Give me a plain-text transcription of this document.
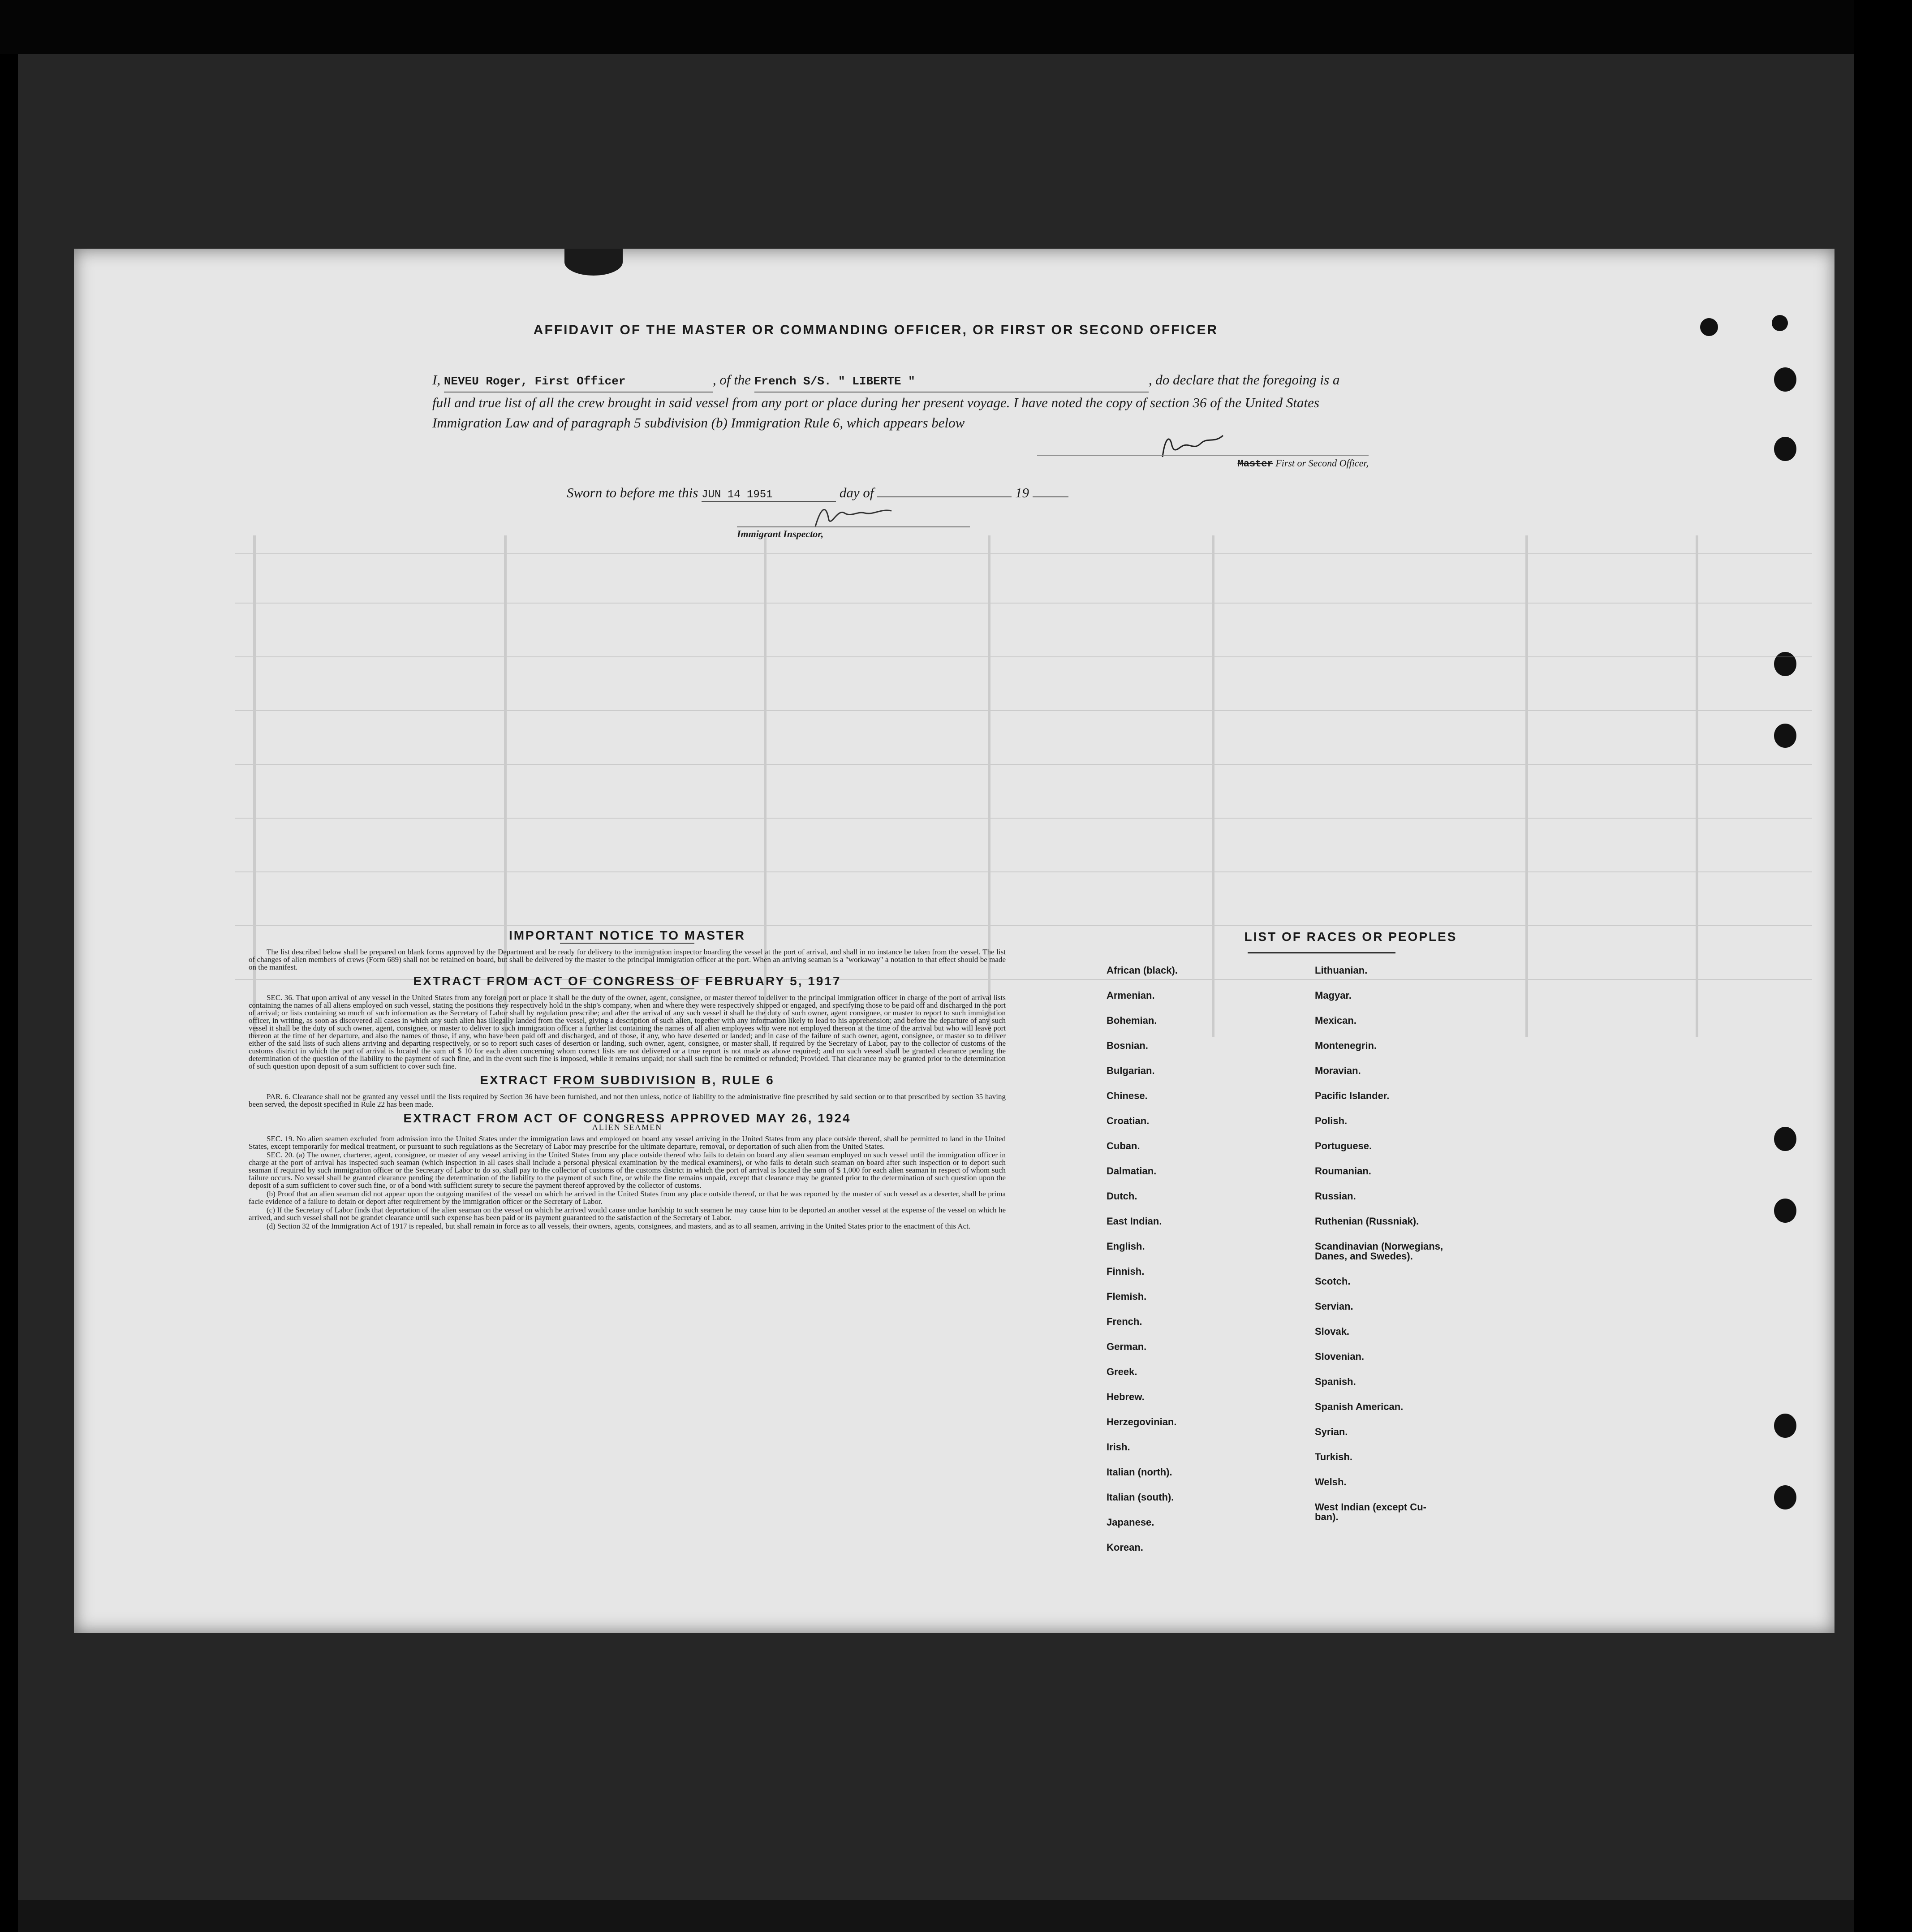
AFFIDAVIT OF THE MASTER OR COMMANDING OFFICER, OR FIRST OR SECOND OFFICER
I, NEVEU Roger, First Officer	, of the French S/S. " LIBERTE "	, do declare that the foregoing is a full and true list of all the crew brought in said vessel from any port or place during her present voyage. I have noted the copy of section 36 of the United States Immigration Law and of paragraph 5 subdivision (b) Immigration Rule 6, which appears below
Master First or Second Officer,
Sworn to before me this JUN 14 1951	day of	19
Immigrant Inspector,
IMPORTANT NOTICE TO MASTER

The list described below shall be prepared on blank forms approved by the Department and be ready for delivery to the immigration inspector boarding the vessel at the port of arrival, and shall in no instance be taken from the vessel. The list of changes of alien members of crews (Form 689) shall not be retained on board, but shall be delivered by the master to the principal immigration officer at the port. When an arriving seaman is a "workaway" a notation to that effect should be made on the manifest.

EXTRACT FROM ACT OF CONGRESS OF FEBRUARY 5, 1917

SEC. 36. That upon arrival of any vessel in the United States from any foreign port or place it shall be the duty of the owner, agent, consignee, or master thereof to deliver to the principal immigration officer in charge of the port of arrival lists containing the names of all aliens employed on such vessel, stating the positions they respectively hold in the ship's company, when and where they were respectively shipped or engaged, and specifying those to be paid off and discharged in the port of arrival; or lists containing so much of such information as the Secretary of Labor shall by regulation prescribe; and after the arrival of any such vessel it shall be the duty of such owner, agent consignee, or master to report to such immigration officer, in writing, as soon as discovered all cases in which any such alien has illegally landed from the vessel, giving a description of such alien, together with any information likely to lead to his apprehension; and before the departure of any such vessel it shall be the duty of such owner, agent, consignee, or master to deliver to such immigration officer a further list containing the names of all alien employees who were not employed thereon at the time of the arrival but who will leave port thereon at the time of her departure, and also the names of those, if any, who have been paid off and discharged, and of those, if any, who have deserted or landed; and in case of the failure of such owner, agent, consignee, or master so to deliver either of the said lists of such aliens arriving and departing respectively, or so to report such cases of desertion or landing, such owner, agent, consignee, or master shall, if required by the Secretary of Labor, pay to the collector of customs of the customs district in which the port of arrival is located the sum of $ 10 for each alien concerning whom correct lists are not delivered or a true report is not made as above required; and no such vessel shall be granted clearance pending the determination of the question of the liability to the payment of such fine, and in the event such fine is imposed, while it remains unpaid; nor shall such fine be remitted or refunded; Provided. That clearance may be granted prior to the determination of such question upon deposit of a sum sufficient to cover such fine.

EXTRACT FROM SUBDIVISION B, RULE 6

PAR. 6. Clearance shall not be granted any vessel until the lists required by Section 36 have been furnished, and not then unless, notice of liability to the administrative fine prescribed by said section or to that prescribed by section 35 having been served, the deposit specified in Rule 22 has been made.

EXTRACT FROM ACT OF CONGRESS APPROVED MAY 26, 1924
ALIEN SEAMEN

SEC. 19. No alien seamen excluded from admission into the United States under the immigration laws and employed on board any vessel arriving in the United States from any place outside thereof, shall be permitted to land in the United States, except temporarily for medical treatment, or pursuant to such regulations as the Secretary of Labor may prescribe for the ultimate departure, removal, or deportation of such alien from the United States.

SEC. 20. (a) The owner, charterer, agent, consignee, or master of any vessel arriving in the United States from any place outside thereof who fails to detain on board any alien seaman employed on such vessel until the immigration officer in charge at the port of arrival has inspected such seaman (which inspection in all cases shall include a personal physical examination by the medical examiners), or who fails to detain such seaman on board after such inspection or to deport such seaman if required by such immigration officer or the Secretary of Labor to do so, shall pay to the collector of customs of the customs district in which the port of arrival is located the sum of $ 1,000 for each alien seaman in respect of whom such failure occurs. No vessel shall be granted clearance pending the determination of the liability to the payment of such fine, or while the fine remains unpaid, except that clearance may be granted prior to the determination of such question upon the deposit of a sum sufficient to cover such fine, or of a bond with sufficient surety to secure the payment thereof approved by the collector of customs.

(b) Proof that an alien seaman did not appear upon the outgoing manifest of the vessel on which he arrived in the United States from any place outside thereof, or that he was reported by the master of such vessel as a deserter, shall be prima facie evidence of a failure to detain or deport after requirement by the immigration officer or the Secretary of Labor.

(c) If the Secretary of Labor finds that deportation of the alien seaman on the vessel on which he arrived would cause undue hardship to such seamen he may cause him to be deported an another vessel at the expense of the vessel on which he arrived, and such vessel shall not be grandet clearance until such expense has been paid or its payment guaranteed to the satisfaction of the Secretary of Labor.

(d) Section 32 of the Immigration Act of 1917 is repealed, but shall remain in force as to all vessels, their owners, agents, consignees, and masters, and as to all seamen, arriving in the United States prior to the enactment of this Act.

LIST OF RACES OR PEOPLES
African (black).
Armenian.
Bohemian.
Bosnian.
Bulgarian.
Chinese.
Croatian.
Cuban.
Dalmatian.
Dutch.
East Indian.
English.
Finnish.
Flemish.
French.
German.
Greek.
Hebrew.
Herzegovinian.
Irish.
Italian (north).
Italian (south).
Japanese.
Korean.
Lithuanian.
Magyar.
Mexican.
Montenegrin.
Moravian.
Pacific Islander.
Polish.
Portuguese.
Roumanian.
Russian.
Ruthenian (Russniak).
Scandinavian (Norwegians,
Danes, and Swedes).
Scotch.
Servian.
Slovak.
Slovenian.
Spanish.
Spanish American.
Syrian.
Turkish.
Welsh.
West Indian (except Cu-
ban).
